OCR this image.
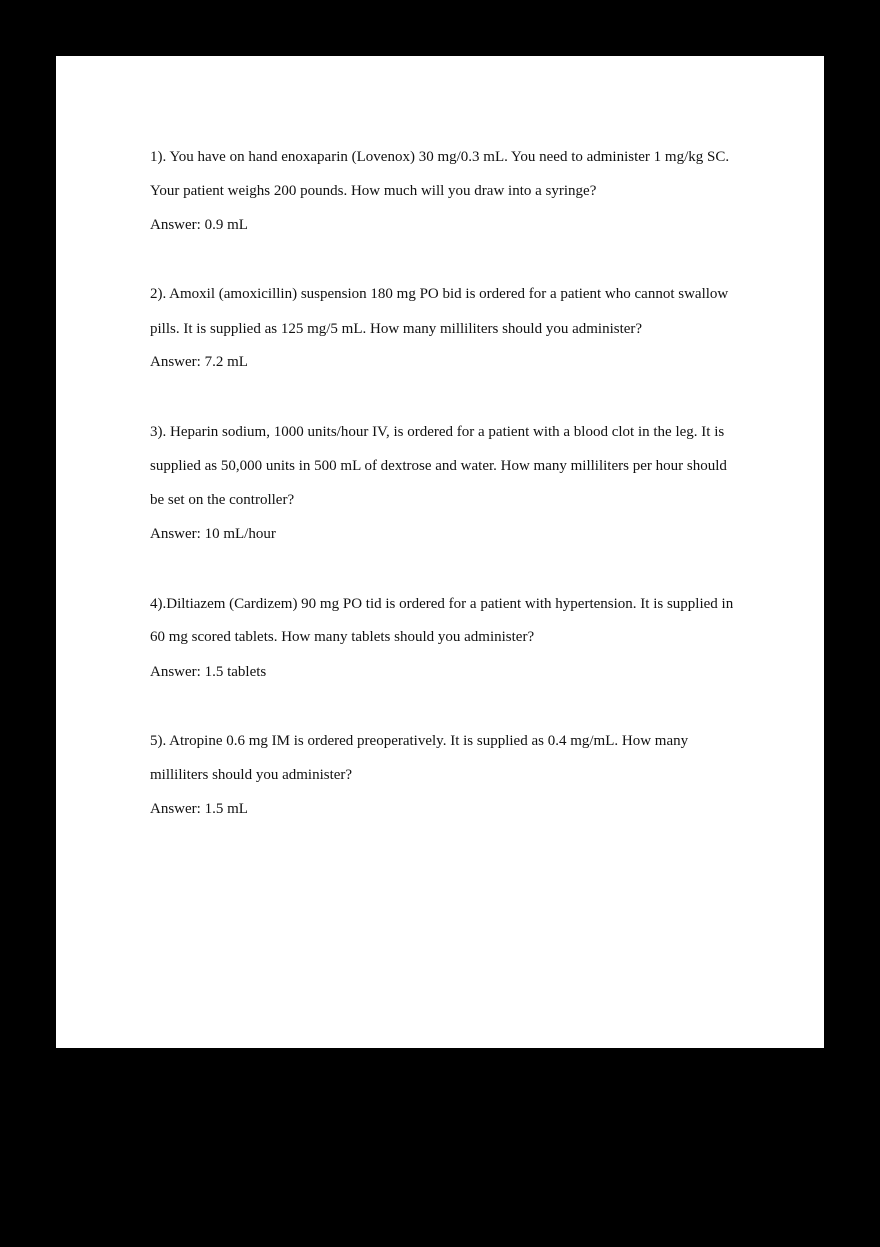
1). You have on hand enoxaparin (Lovenox) 30 mg/0.3 mL. You need to administer 1 mg/kg SC.
Your patient weighs 200 pounds. How much will you draw into a syringe?
Answer: 0.9 mL
2). Amoxil (amoxicillin) suspension 180 mg PO bid is ordered for a patient who cannot swallow
pills. It is supplied as 125 mg/5 mL. How many milliliters should you administer?
Answer: 7.2 mL
3). Heparin sodium, 1000 units/hour IV, is ordered for a patient with a blood clot in the leg. It is
supplied as 50,000 units in 500 mL of dextrose and water. How many milliliters per hour should
be set on the controller?
Answer: 10 mL/hour
4).Diltiazem (Cardizem) 90 mg PO tid is ordered for a patient with hypertension. It is supplied in
60 mg scored tablets. How many tablets should you administer?
Answer: 1.5 tablets
5). Atropine 0.6 mg IM is ordered preoperatively. It is supplied as 0.4 mg/mL. How many
milliliters should you administer?
Answer: 1.5 mL
